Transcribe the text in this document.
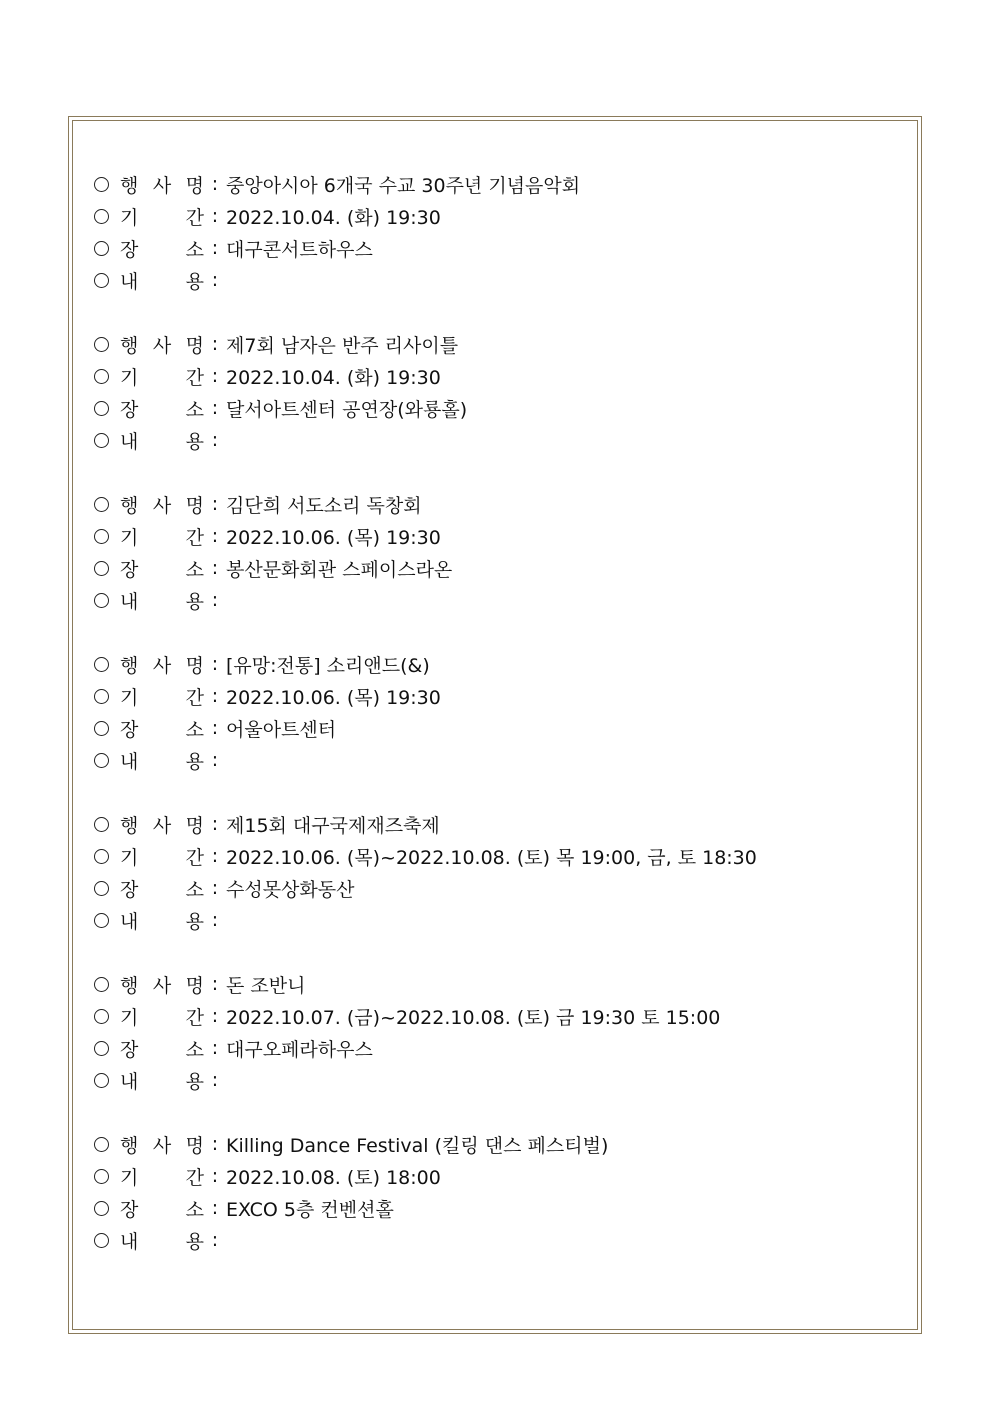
행 사 명 : 중앙아시아 6개국 수교 30주년 기념음악회
기 간 : 2022.10.04. (화) 19:30
장 소 : 대구콘서트하우스
내 용 :
행 사 명 : 제7회 남자은 반주 리사이틀
기 간 : 2022.10.04. (화) 19:30
장 소 : 달서아트센터 공연장(와룡홀)
내 용 :
행 사 명 : 김단희 서도소리 독창회
기 간 : 2022.10.06. (목) 19:30
장 소 : 봉산문화회관 스페이스라온
내 용 :
행 사 명 : [유망:전통] 소리앤드(&)
기 간 : 2022.10.06. (목) 19:30
장 소 : 어울아트센터
내 용 :
행 사 명 : 제15회 대구국제재즈축제
기 간 : 2022.10.06. (목)~2022.10.08. (토) 목 19:00, 금, 토 18:30
장 소 : 수성못상화동산
내 용 :
행 사 명 : 돈 조반니
기 간 : 2022.10.07. (금)~2022.10.08. (토) 금 19:30 토 15:00
장 소 : 대구오페라하우스
내 용 :
행 사 명 : Killing Dance Festival (킬링 댄스 페스티벌)
기 간 : 2022.10.08. (토) 18:00
장 소 : EXCO 5층 컨벤션홀
내 용 :
